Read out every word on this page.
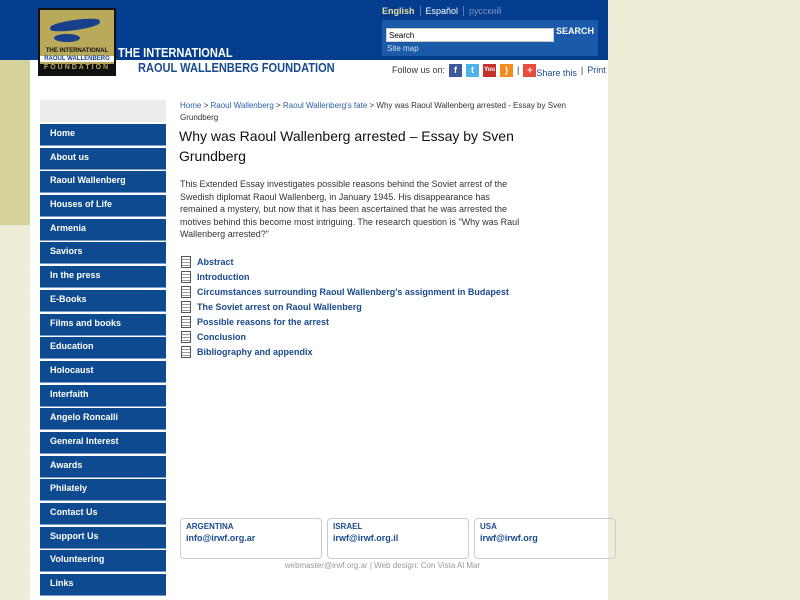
THE INTERNATIONAL
RAOUL WALLENBERG
FOUNDATION
THE INTERNATIONAL
RAOUL WALLENBERG FOUNDATION
English Español русский
Search
SEARCH
Site map
Follow us on:	f	t	You	)	| + Share this | Print
Home
About us
Raoul Wallenberg
Houses of Life
Armenia
Saviors
In the press
E-Books
Films and books
Education
Holocaust
Interfaith
Angelo Roncalli
General Interest
Awards
Philately
Contact Us
Support Us
Volunteering
Links
Home > Raoul Wallenberg > Raoul Wallenberg's fate > Why was Raoul Wallenberg arrested - Essay by Sven Grundberg
Why was Raoul Wallenberg arrested – Essay by Sven Grundberg
This Extended Essay investigates possible reasons behind the Soviet arrest of the Swedish diplomat Raoul Wallenberg, in January 1945. His disappearance has remained a mystery, but now that it has been ascertained that he was arrested the motives behind this become most intriguing. The research question is "Why was Raul Wallenberg arrested?"
Abstract
Introduction
Circumstances surrounding Raoul Wallenberg's assignment in Budapest
The Soviet arrest on Raoul Wallenberg
Possible reasons for the arrest
Conclusion
Bibliography and appendix
ARGENTINA
info@irwf.org.ar
ISRAEL
irwf@irwf.org.il
USA
irwf@irwf.org
webmaster@irwf.org.ar | Web design: Con Vista Al Mar
